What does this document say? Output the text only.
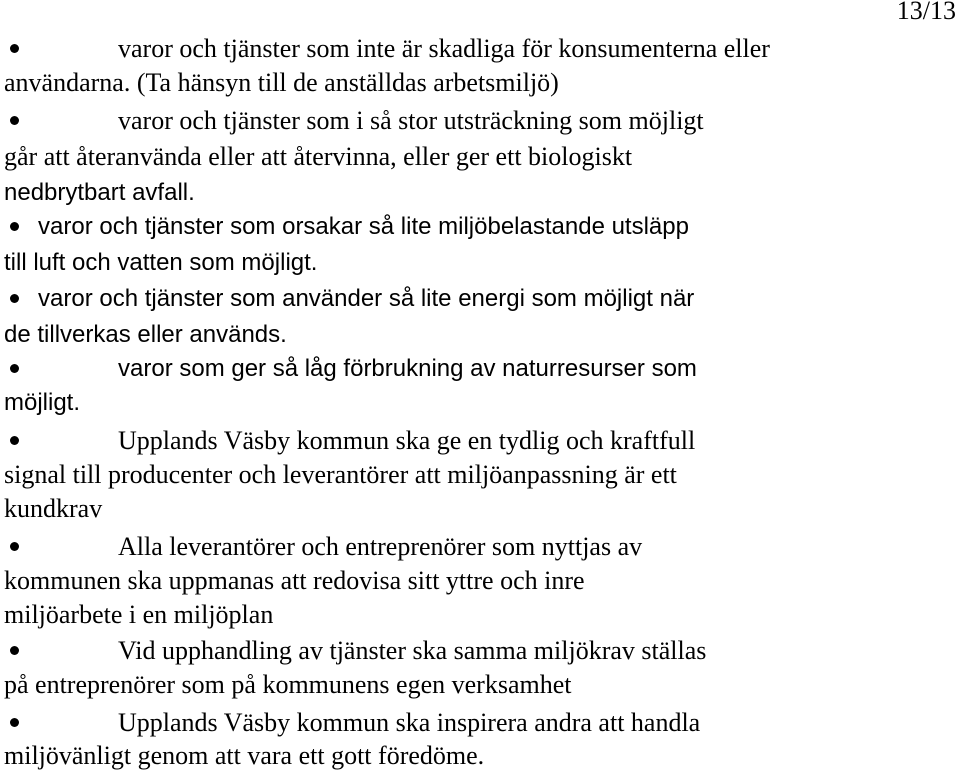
13/13
varor och tjänster som inte är skadliga för konsumenterna eller
användarna. (Ta hänsyn till de anställdas arbetsmiljö)
varor och tjänster som i så stor utsträckning som möjligt
går att återanvända eller att återvinna, eller ger ett biologiskt
nedbrytbart avfall.
varor och tjänster som orsakar så lite miljöbelastande utsläpp
till luft och vatten som möjligt.
varor och tjänster som använder så lite energi som möjligt när
de tillverkas eller används.
varor som ger så låg förbrukning av naturresurser som
möjligt.
Upplands Väsby kommun ska ge en tydlig och kraftfull
signal till producenter och leverantörer att miljöanpassning är ett
kundkrav
Alla leverantörer och entreprenörer som nyttjas av
kommunen ska uppmanas att redovisa sitt yttre och inre
miljöarbete i en miljöplan
Vid upphandling av tjänster ska samma miljökrav ställas
på entreprenörer som på kommunens egen verksamhet
Upplands Väsby kommun ska inspirera andra att handla
miljövänligt genom att vara ett gott föredöme.
